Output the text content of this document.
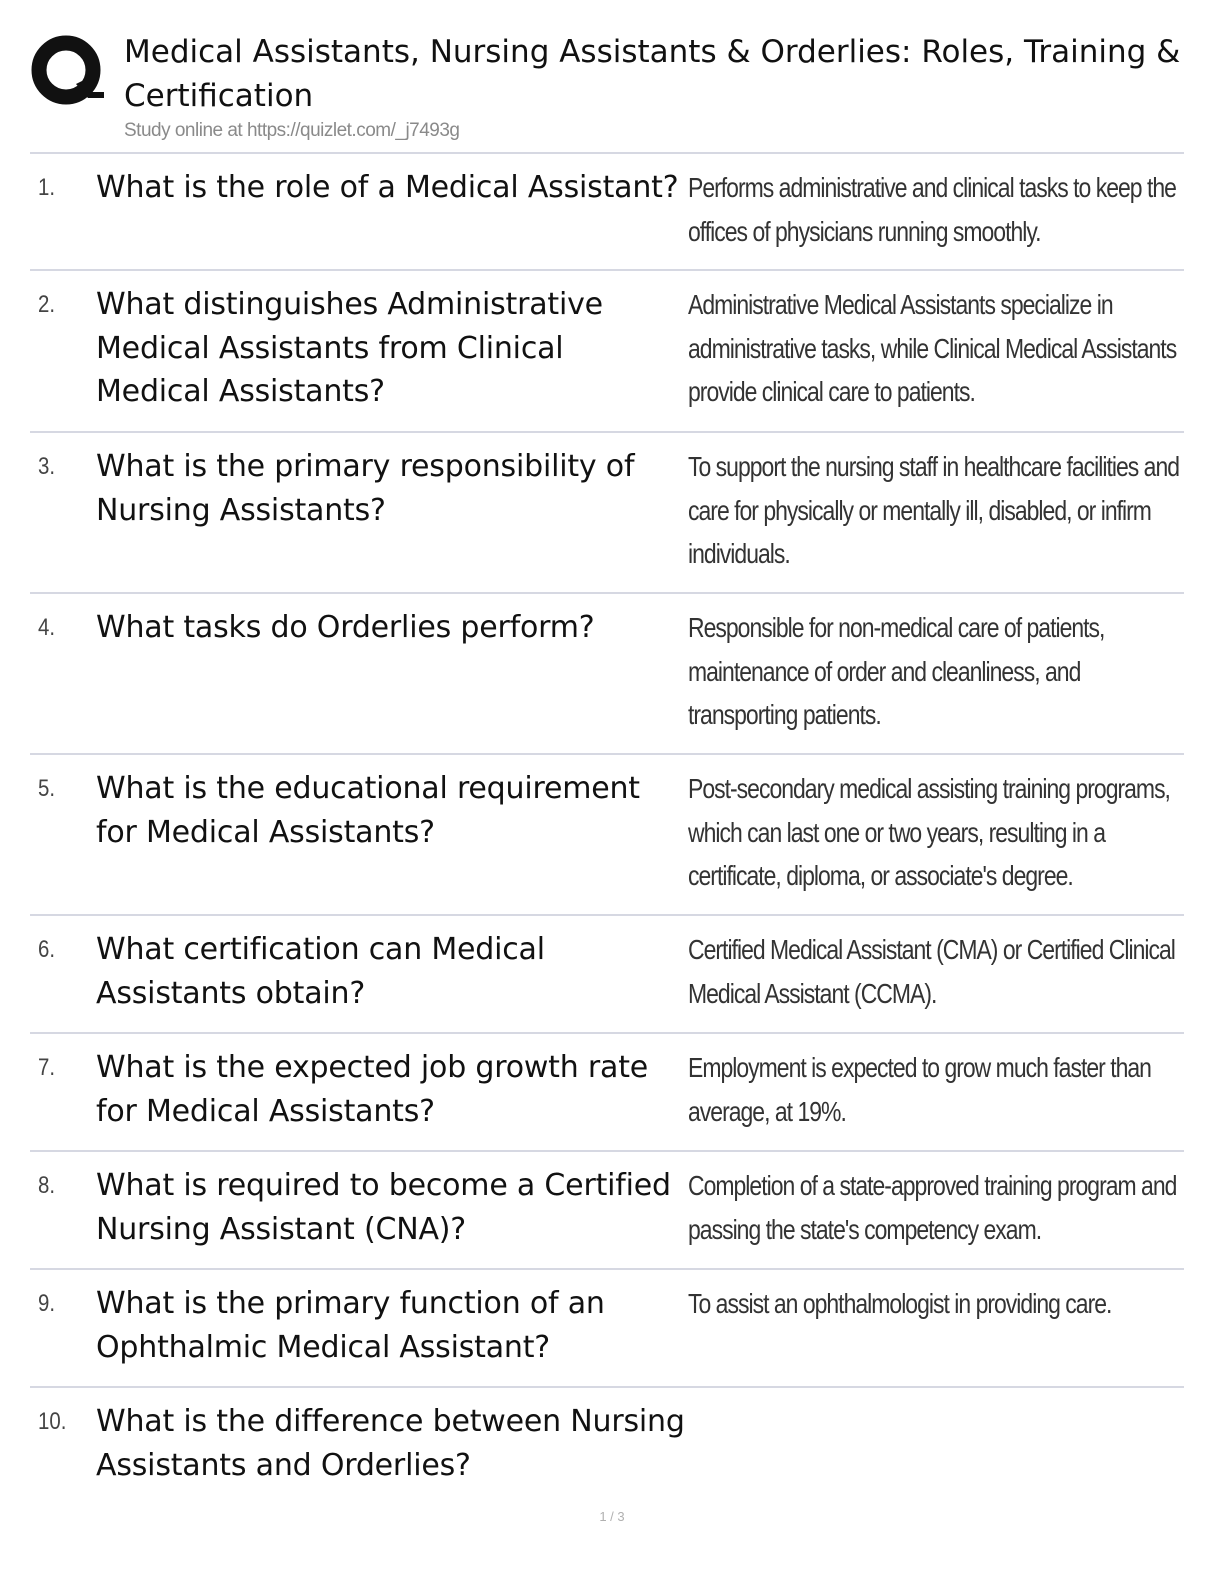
Medical Assistants, Nursing Assistants & Orderlies: Roles, Training & Certification
Study online at https://quizlet.com/_j7493g
1. What is the role of a Medical Assistant? Performs administrative and clinical tasks to keep the offices of physicians running smoothly.
2. What distinguishes Administrative Medical Assistants from Clinical Medical Assistants?
Administrative Medical Assistants specialize in administrative tasks, while Clinical Medical Assistants provide clinical care to patients.
3. What is the primary responsibility of Nursing Assistants?
To support the nursing staff in healthcare facilities and care for physically or mentally ill, disabled, or infirm individuals.
4. What tasks do Orderlies perform?	Responsible for non-medical care of patients, maintenance of order and cleanliness, and transporting patients.
5. What is the educational requirement for Medical Assistants?
Post-secondary medical assisting training programs, which can last one or two years, resulting in a certificate, diploma, or associate's degree.
6. What certification can Medical Assistants obtain?
Certified Medical Assistant (CMA) or Certified Clinical Medical Assistant (CCMA).
7. What is the expected job growth rate for Medical Assistants?
Employment is expected to grow much faster than average, at 19%.
8. What is required to become a Certified Nursing Assistant (CNA)?
Completion of a state-approved training program and passing the state's competency exam.
9. What is the primary function of an Ophthalmic Medical Assistant?
To assist an ophthalmologist in providing care.
10. What is the difference between Nursing Assistants and Orderlies?
1 / 3
